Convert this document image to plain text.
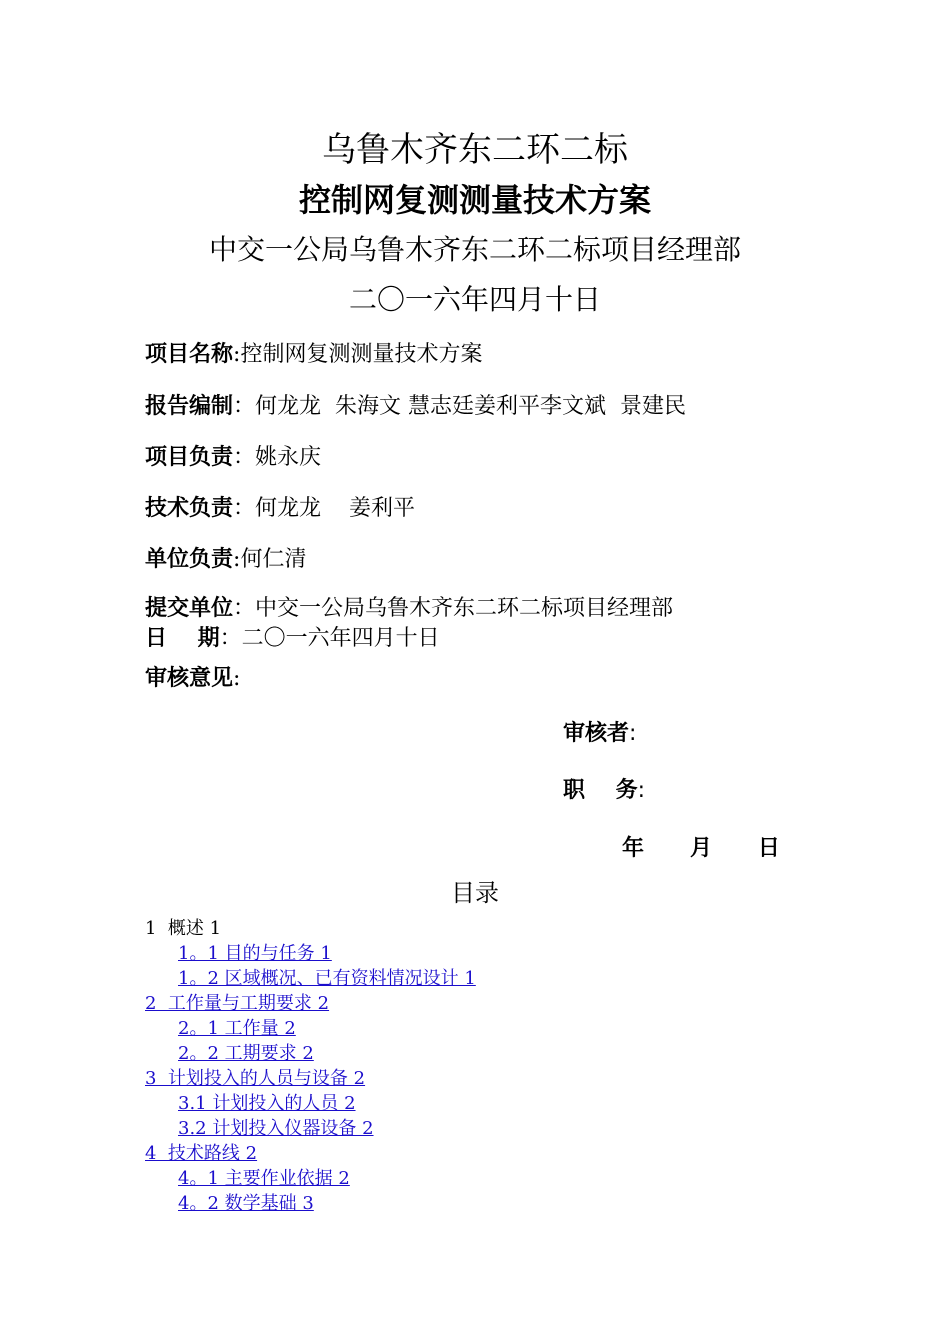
乌鲁木齐东二环二标
控制网复测测量技术方案
中交一公局乌鲁木齐东二环二标项目经理部
二〇一六年四月十日
项目名称:控制网复测测量技术方案
报告编制：何龙龙  朱海文 慧志廷姜利平李文斌  景建民
项目负责：姚永庆
技术负责：何龙龙    姜利平
单位负责:何仁清
提交单位：中交一公局乌鲁木齐东二环二标项目经理部
日    期：二〇一六年四月十日
审核意见:
审核者:
职    务:
年      月      日
目录
1  概述 1
1。1 目的与任务 1
1。2 区域概况、已有资料情况设计 1
2  工作量与工期要求 2
2。1 工作量 2
2。2 工期要求 2
3  计划投入的人员与设备 2
3.1 计划投入的人员 2
3.2 计划投入仪器设备 2
4  技术路线 2
4。1 主要作业依据 2
4。2 数学基础 3
